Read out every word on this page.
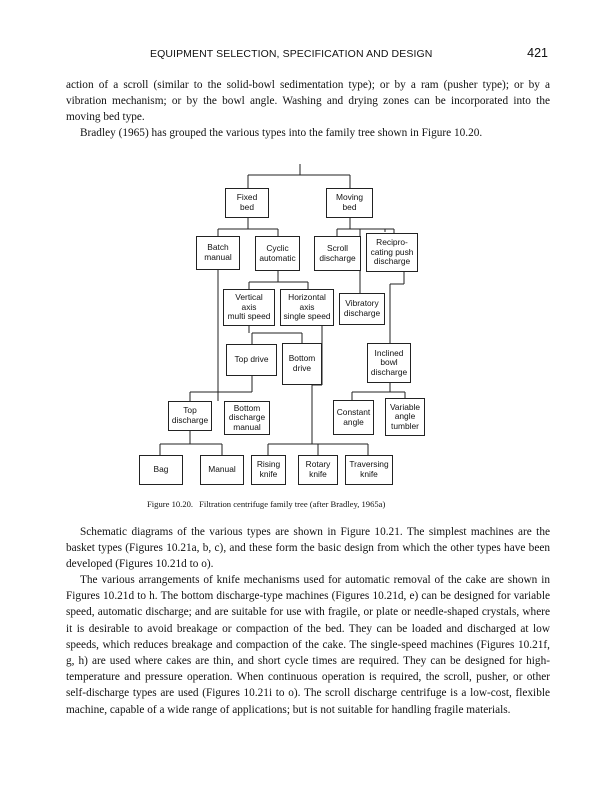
EQUIPMENT SELECTION, SPECIFICATION AND DESIGN	421

action of a scroll (similar to the solid-bowl sedimentation type); or by a ram (pusher type); or by a vibration mechanism; or by the bowl angle. Washing and drying zones can be incorporated into the moving bed type.

Bradley (1965) has grouped the various types into the family tree shown in Figure 10.20.

Fixed
bed
Moving
bed
Batch
manual
Cyclic
automatic
Scroll
discharge
Recipro-
cating push
discharge
Vertical
axis
multi speed
Horizontal
axis
single speed
Vibratory
discharge
Top drive	Bottom
drive
Inclined
bowl
discharge
Top
discharge
Bottom
discharge
manual
Constant
angle
Variable
angle
tumbler
Bag	Manual	Rising
knife
Rotary
knife
Traversing
knife
Figure 10.20. Filtration centrifuge family tree (after Bradley, 1965a)

Schematic diagrams of the various types are shown in Figure 10.21. The simplest machines are the basket types (Figures 10.21a, b, c), and these form the basic design from which the other types have been developed (Figures 10.21d to o).

The various arrangements of knife mechanisms used for automatic removal of the cake are shown in Figures 10.21d to h. The bottom discharge-type machines (Figures 10.21d, e) can be designed for variable speed, automatic discharge; and are suitable for use with fragile, or plate or needle-shaped crystals, where it is desirable to avoid breakage or compaction of the bed. They can be loaded and discharged at low speeds, which reduces breakage and compaction of the cake. The single-speed machines (Figures 10.21f, g, h) are used where cakes are thin, and short cycle times are required. They can be designed for high-temperature and pressure operation. When continuous operation is required, the scroll, pusher, or other self-discharge types are used (Figures 10.21i to o). The scroll discharge centrifuge is a low-cost, flexible machine, capable of a wide range of applications; but is not suitable for handling fragile materials.
